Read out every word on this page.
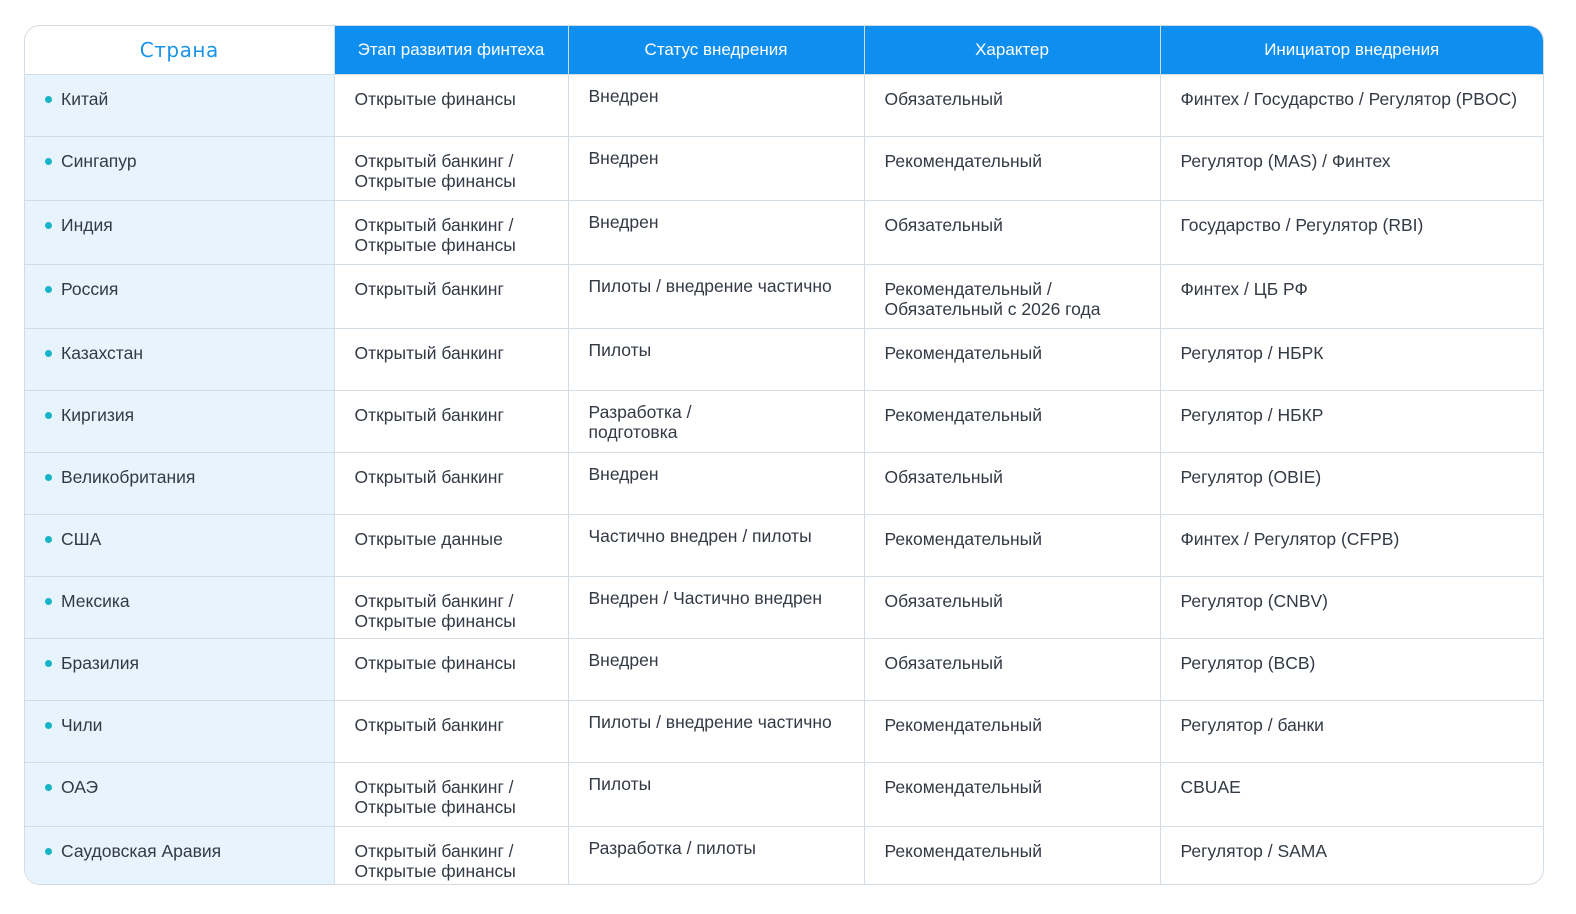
Страна	Этап развития финтеха	Статус внедрения	Характер	Инициатор внедрения

Китай	Открытые финансы	Внедрен	Обязательный	Финтех / Государство / Регулятор (PBOC)

Сингапур	Открытый банкинг /
Открытые финансы	Внедрен	Рекомендательный	Регулятор (MAS) / Финтех

Индия	Открытый банкинг /
Открытые финансы	Внедрен	Обязательный	Государство / Регулятор (RBI)

Россия	Открытый банкинг	Пилоты / внедрение частично	Рекомендательный /
Обязательный с 2026 года	Финтех / ЦБ РФ

Казахстан	Открытый банкинг	Пилоты	Рекомендательный	Регулятор / НБРК

Киргизия	Открытый банкинг	Разработка /
подготовка	Рекомендательный	Регулятор / НБКР

Великобритания	Открытый банкинг	Внедрен	Обязательный	Регулятор (OBIE)

США	Открытые данные	Частично внедрен / пилоты	Рекомендательный	Финтех / Регулятор (CFPB)

Мексика	Открытый банкинг /
Открытые финансы	Внедрен / Частично внедрен	Обязательный	Регулятор (CNBV)

Бразилия	Открытые финансы	Внедрен	Обязательный	Регулятор (BCB)

Чили	Открытый банкинг	Пилоты / внедрение частично	Рекомендательный	Регулятор / банки

ОАЭ	Открытый банкинг /
Открытые финансы	Пилоты	Рекомендательный	CBUAE

Саудовская Аравия	Открытый банкинг /
Открытые финансы	Разработка / пилоты	Рекомендательный	Регулятор / SAMA
